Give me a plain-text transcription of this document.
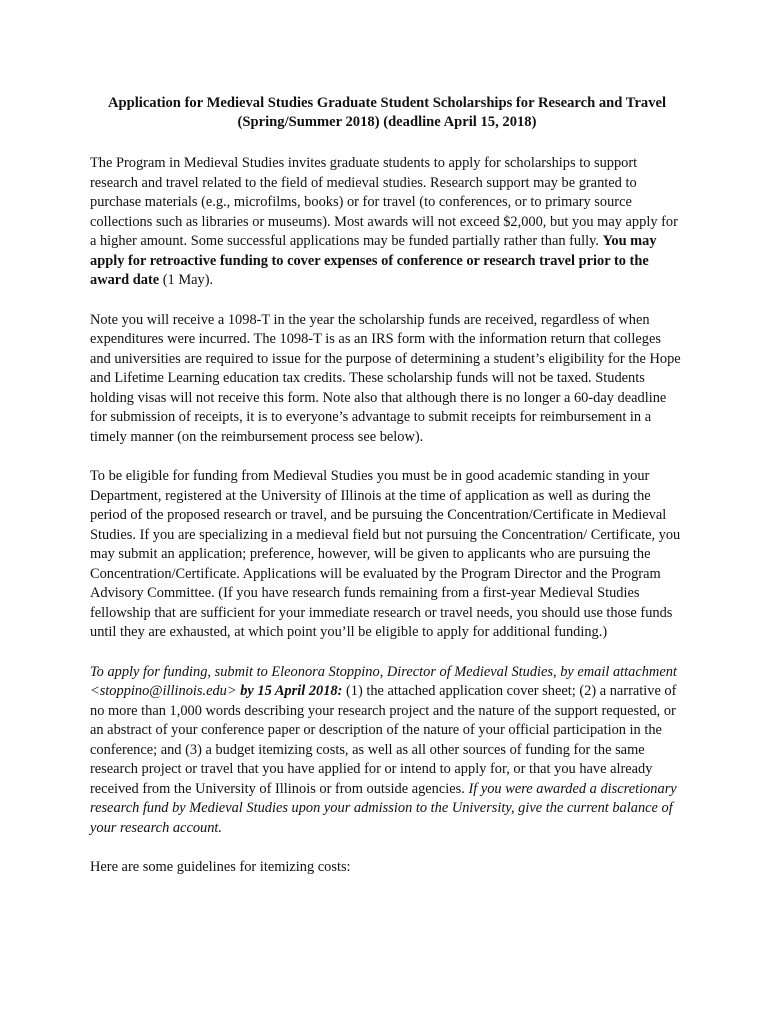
Application for Medieval Studies Graduate Student Scholarships for Research and Travel
(Spring/Summer 2018) (deadline April 15, 2018)

The Program in Medieval Studies invites graduate students to apply for scholarships to support research and travel related to the field of medieval studies. Research support may be granted to purchase materials (e.g., microfilms, books) or for travel (to conferences, or to primary source collections such as libraries or museums). Most awards will not exceed $2,000, but you may apply for a higher amount. Some successful applications may be funded partially rather than fully. You may apply for retroactive funding to cover expenses of conference or research travel prior to the award date (1 May).

Note you will receive a 1098-T in the year the scholarship funds are received, regardless of when expenditures were incurred. The 1098-T is as an IRS form with the information return that colleges and universities are required to issue for the purpose of determining a student’s eligibility for the Hope and Lifetime Learning education tax credits. These scholarship funds will not be taxed. Students holding visas will not receive this form. Note also that although there is no longer a 60-day deadline for submission of receipts, it is to everyone’s advantage to submit receipts for reimbursement in a timely manner (on the reimbursement process see below).

To be eligible for funding from Medieval Studies you must be in good academic standing in your Department, registered at the University of Illinois at the time of application as well as during the period of the proposed research or travel, and be pursuing the Concentration/Certificate in Medieval Studies. If you are specializing in a medieval field but not pursuing the Concentration/ Certificate, you may submit an application; preference, however, will be given to applicants who are pursuing the Concentration/Certificate. Applications will be evaluated by the Program Director and the Program Advisory Committee. (If you have research funds remaining from a first-year Medieval Studies fellowship that are sufficient for your immediate research or travel needs, you should use those funds until they are exhausted, at which point you’ll be eligible to apply for additional funding.)

To apply for funding, submit to Eleonora Stoppino, Director of Medieval Studies, by email attachment <stoppino@illinois.edu> by 15 April 2018: (1) the attached application cover sheet; (2) a narrative of no more than 1,000 words describing your research project and the nature of the support requested, or an abstract of your conference paper or description of the nature of your official participation in the conference; and (3) a budget itemizing costs, as well as all other sources of funding for the same research project or travel that you have applied for or intend to apply for, or that you have already received from the University of Illinois or from outside agencies. If you were awarded a discretionary research fund by Medieval Studies upon your admission to the University, give the current balance of your research account.

Here are some guidelines for itemizing costs:
